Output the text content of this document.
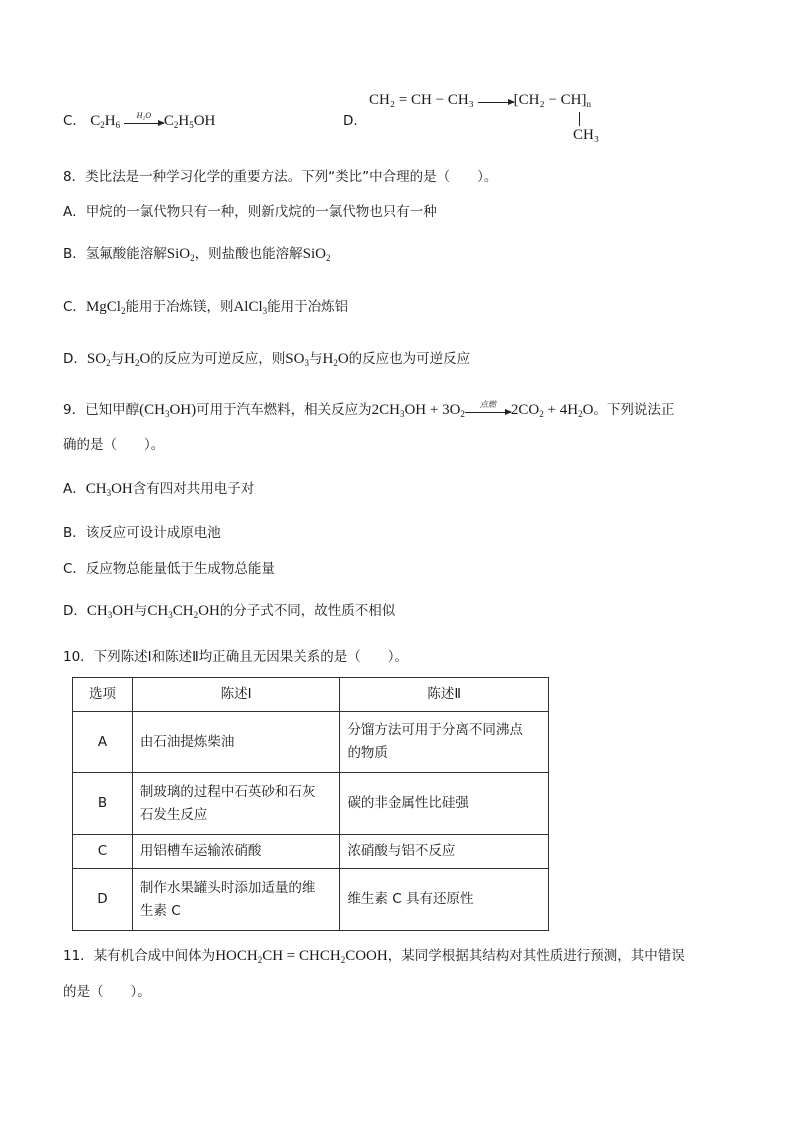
C． $C_2H_6$
H₂O $C_2H_5OH$	D．
CH₂ = CH − $CH_3 \to[CH_2 - CH]_n$
CH₃
8．类比法是一种学习化学的重要方法。下列“类比”中合理的是（　　）。
A．甲烷的一氯代物只有一种，则新戊烷的一氯代物也只有一种
B．氢氟酸能溶解SiO$_2$，则盐酸也能溶解SiO$_2$
C．MgCl$_2$能用于冶炼镁，则AlCl$_3$能用于冶炼铝
D．$SO_2$与$H_2O$的反应为可逆反应，则$SO_3$与$H_2O$的反应也为可逆反应
9．已知甲醇$(CH_3OH)$可用于汽车燃料，相关反应为$2CH_3OH + 3O_2$
点燃	$2CO_2 + 4H_2O$。下列说法正
确的是（　　）。
A．$CH_3OH$含有四对共用电子对
B．该反应可设计成原电池
C．反应物总能量低于生成物总能量
D．$CH_3OH$与$CH_3CH_2OH$的分子式不同，故性质不相似
10．下列陈述Ⅰ和陈述Ⅱ均正确且无因果关系的是（　　）。
选项	陈述Ⅰ	陈述Ⅱ
A	由石油提炼柴油	分馏方法可用于分离不同沸点
的物质

B	制玻璃的过程中石英砂和石灰
石发生反应	碳的非金属性比硅强
C	用铝槽车运输浓硝酸	浓硝酸与铝不反应
D	制作水果罐头时添加适量的维
生素 C	维生素 C 具有还原性
11．某有机合成中间体为$HOCH_2CH$ = $CHCH_2COOH$，某同学根据其结构对其性质进行预测，其中错误
的是（　　）。
